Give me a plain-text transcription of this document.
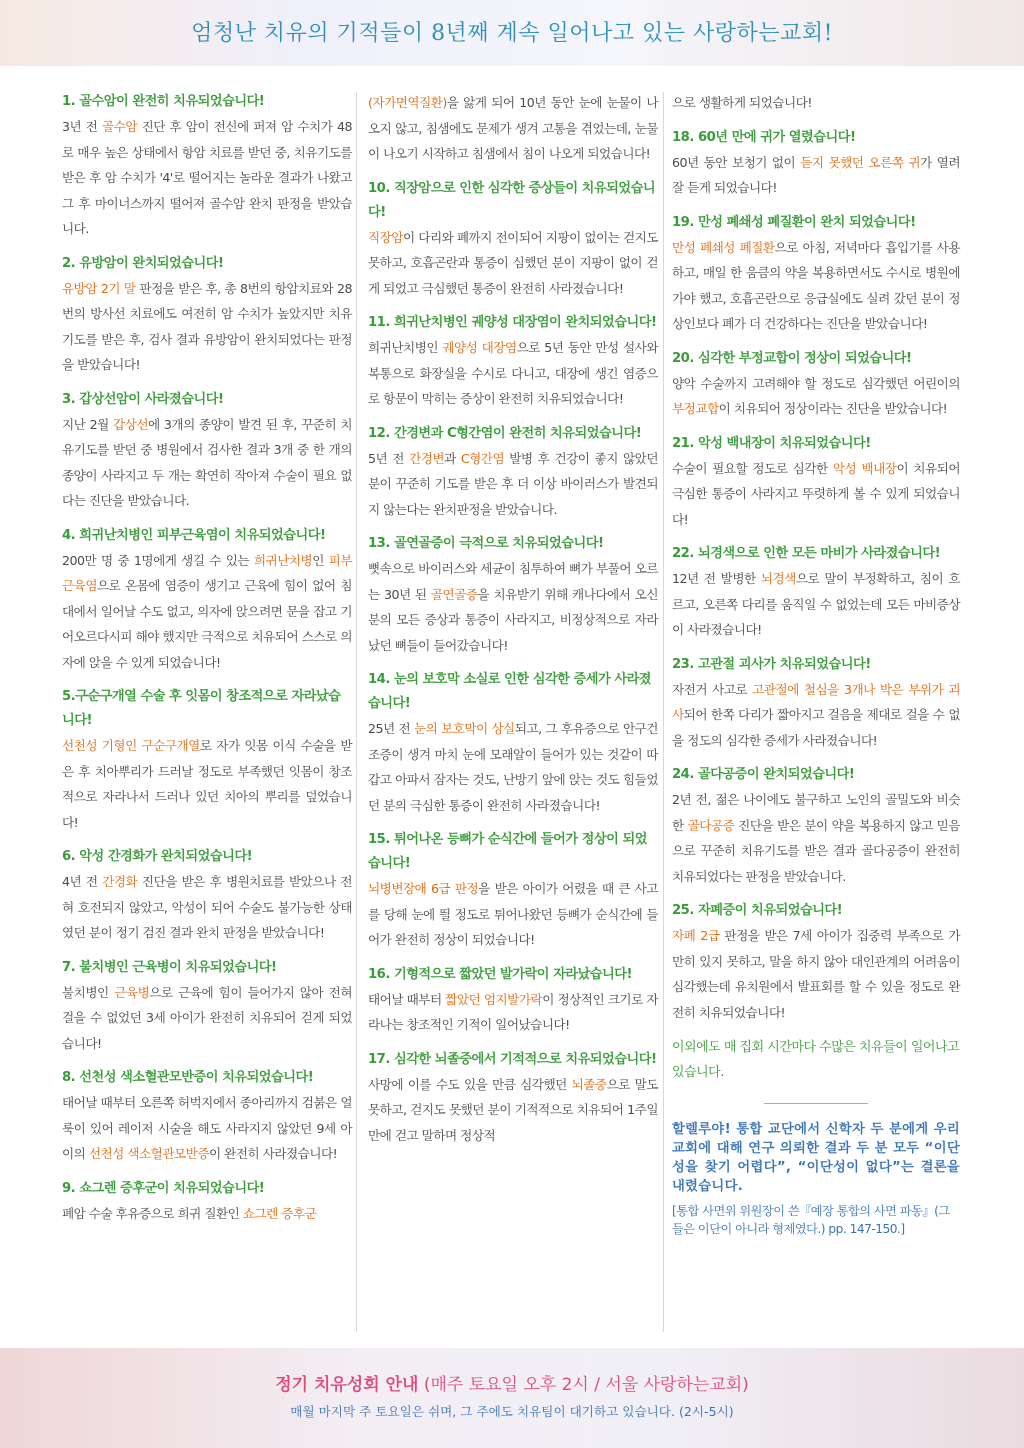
엄청난 치유의 기적들이 8년째 계속 일어나고 있는 사랑하는교회!
1. 골수암이 완전히 치유되었습니다!
3년 전 골수암 진단 후 암이 전신에 퍼져 암 수치가 48로 매우 높은 상태에서 항암 치료를 받던 중, 치유기도를 받은 후 암 수치가 '4'로 떨어지는 놀라운 결과가 나왔고 그 후 마이너스까지 떨어져 골수암 완치 판정을 받았습니다.
2. 유방암이 완치되었습니다!
유방암 2기 말 판정을 받은 후, 총 8번의 항암치료와 28번의 방사선 치료에도 여전히 암 수치가 높았지만 치유기도를 받은 후, 검사 결과 유방암이 완치되었다는 판정을 받았습니다!
3. 갑상선암이 사라졌습니다!
지난 2월 갑상선에 3개의 종양이 발견 된 후, 꾸준히 치유기도를 받던 중 병원에서 검사한 결과 3개 중 한 개의 종양이 사라지고 두 개는 확연히 작아져 수술이 필요 없다는 진단을 받았습니다.
4. 희귀난치병인 피부근육염이 치유되었습니다!
200만 명 중 1명에게 생길 수 있는 희귀난치병인 피부근육염으로 온몸에 염증이 생기고 근육에 힘이 없어 침대에서 일어날 수도 없고, 의자에 앉으려면 문을 잡고 기어오르다시피 해야 했지만 극적으로 치유되어 스스로 의자에 앉을 수 있게 되었습니다!
5.구순구개열 수술 후 잇몸이 창조적으로 자라났습니다!
선천성 기형인 구순구개열로 자가 잇몸 이식 수술을 받은 후 치아뿌리가 드러날 정도로 부족했던 잇몸이 창조적으로 자라나서 드러나 있던 치아의 뿌리를 덮었습니다!
6. 악성 간경화가 완치되었습니다!
4년 전 간경화 진단을 받은 후 병원치료를 받았으나 전혀 호전되지 않았고, 악성이 되어 수술도 불가능한 상태였던 분이 정기 검진 결과 완치 판정을 받았습니다!
7. 불치병인 근육병이 치유되었습니다!
불치병인 근육병으로 근육에 힘이 들어가지 않아 전혀 걸을 수 없었던 3세 아이가 완전히 치유되어 걷게 되었습니다!
8. 선천성 색소혈관모반증이 치유되었습니다!
태어날 때부터 오른쪽 허벅지에서 종아리까지 검붉은 얼룩이 있어 레이저 시술을 해도 사라지지 않았던 9세 아이의 선천성 색소혈관모반증이 완전히 사라졌습니다!
9. 쇼그렌 증후군이 치유되었습니다!
폐암 수술 후유증으로 희귀 질환인 쇼그렌 증후군
(자가면역질환)을 앓게 되어 10년 동안 눈에 눈물이 나오지 않고, 침샘에도 문제가 생겨 고통을 겪었는데, 눈물이 나오기 시작하고 침샘에서 침이 나오게 되었습니다!
10. 직장암으로 인한 심각한 증상들이 치유되었습니다!
직장암이 다리와 폐까지 전이되어 지팡이 없이는 걷지도 못하고, 호흡곤란과 통증이 심했던 분이 지팡이 없이 걷게 되었고 극심했던 통증이 완전히 사라졌습니다!
11. 희귀난치병인 궤양성 대장염이 완치되었습니다!
희귀난치병인 궤양성 대장염으로 5년 동안 만성 설사와 복통으로 화장실을 수시로 다니고, 대장에 생긴 염증으로 항문이 막히는 증상이 완전히 치유되었습니다!
12. 간경변과 C형간염이 완전히 치유되었습니다!
5년 전 간경변과 C형간염 발병 후 건강이 좋지 않았던 분이 꾸준히 기도를 받은 후 더 이상 바이러스가 발견되지 않는다는 완치판정을 받았습니다.
13. 골연골증이 극적으로 치유되었습니다!
뼛속으로 바이러스와 세균이 침투하여 뼈가 부풀어 오르는 30년 된 골연골증을 치유받기 위해 캐나다에서 오신 분의 모든 증상과 통증이 사라지고, 비정상적으로 자라났던 뼈들이 들어갔습니다!
14. 눈의 보호막 소실로 인한 심각한 증세가 사라졌습니다!
25년 전 눈의 보호막이 상실되고, 그 후유증으로 안구건조증이 생겨 마치 눈에 모래알이 들어가 있는 것같이 따갑고 아파서 잠자는 것도, 난방기 앞에 앉는 것도 힘들었던 분의 극심한 통증이 완전히 사라졌습니다!
15. 튀어나온 등뼈가 순식간에 들어가 정상이 되었습니다!
뇌병변장애 6급 판정을 받은 아이가 어렸을 때 큰 사고를 당해 눈에 띌 정도로 튀어나왔던 등뼈가 순식간에 들어가 완전히 정상이 되었습니다!
16. 기형적으로 짧았던 발가락이 자라났습니다!
태어날 때부터 짧았던 엄지발가락이 정상적인 크기로 자라나는 창조적인 기적이 일어났습니다!
17. 심각한 뇌졸중에서 기적적으로 치유되었습니다!
사망에 이를 수도 있을 만큼 심각했던 뇌졸중으로 말도 못하고, 걷지도 못했던 분이 기적적으로 치유되어 1주일 만에 걷고 말하며 정상적
으로 생활하게 되었습니다!
18. 60년 만에 귀가 열렸습니다!
60년 동안 보청기 없이 듣지 못했던 오른쪽 귀가 열려 잘 듣게 되었습니다!
19. 만성 폐쇄성 폐질환이 완치 되었습니다!
만성 폐쇄성 폐질환으로 아침, 저녁마다 흡입기를 사용하고, 매일 한 움큼의 약을 복용하면서도 수시로 병원에 가야 했고, 호흡곤란으로 응급실에도 실려 갔던 분이 정상인보다 폐가 더 건강하다는 진단을 받았습니다!
20. 심각한 부정교합이 정상이 되었습니다!
양악 수술까지 고려해야 할 정도로 심각했던 어린이의 부정교합이 치유되어 정상이라는 진단을 받았습니다!
21. 악성 백내장이 치유되었습니다!
수술이 필요할 정도로 심각한 악성 백내장이 치유되어 극심한 통증이 사라지고 뚜렷하게 볼 수 있게 되었습니다!
22. 뇌경색으로 인한 모든 마비가 사라졌습니다!
12년 전 발병한 뇌경색으로 말이 부정확하고, 침이 흐르고, 오른쪽 다리를 움직일 수 없었는데 모든 마비증상이 사라졌습니다!
23. 고관절 괴사가 치유되었습니다!
자전거 사고로 고관절에 철심을 3개나 박은 부위가 괴사되어 한쪽 다리가 짧아지고 걸음을 제대로 걸을 수 없을 정도의 심각한 증세가 사라졌습니다!
24. 골다공증이 완치되었습니다!
2년 전, 젊은 나이에도 불구하고 노인의 골밀도와 비슷한 골다공증 진단을 받은 분이 약을 복용하지 않고 믿음으로 꾸준히 치유기도를 받은 결과 골다공증이 완전히 치유되었다는 판정을 받았습니다.
25. 자폐증이 치유되었습니다!
자폐 2급 판정을 받은 7세 아이가 집중력 부족으로 가만히 있지 못하고, 말을 하지 않아 대인관계의 어려움이 심각했는데 유치원에서 발표회를 할 수 있을 정도로 완전히 치유되었습니다!
이외에도 매 집회 시간마다 수많은 치유들이 일어나고 있습니다.
할렐루야! 통합 교단에서 신학자 두 분에게 우리 교회에 대해 연구 의뢰한 결과 두 분 모두 “이단성을 찾기 어렵다”, “이단성이 없다”는 결론을 내렸습니다.
[통합 사면위 위원장이 쓴『예장 통합의 사면 파동』(그들은 이단이 아니라 형제였다.) pp. 147-150.]
정기 치유성회 안내 (매주 토요일 오후 2시 / 서울 사랑하는교회)
매월 마지막 주 토요일은 쉬며, 그 주에도 치유팀이 대기하고 있습니다. (2시-5시)
